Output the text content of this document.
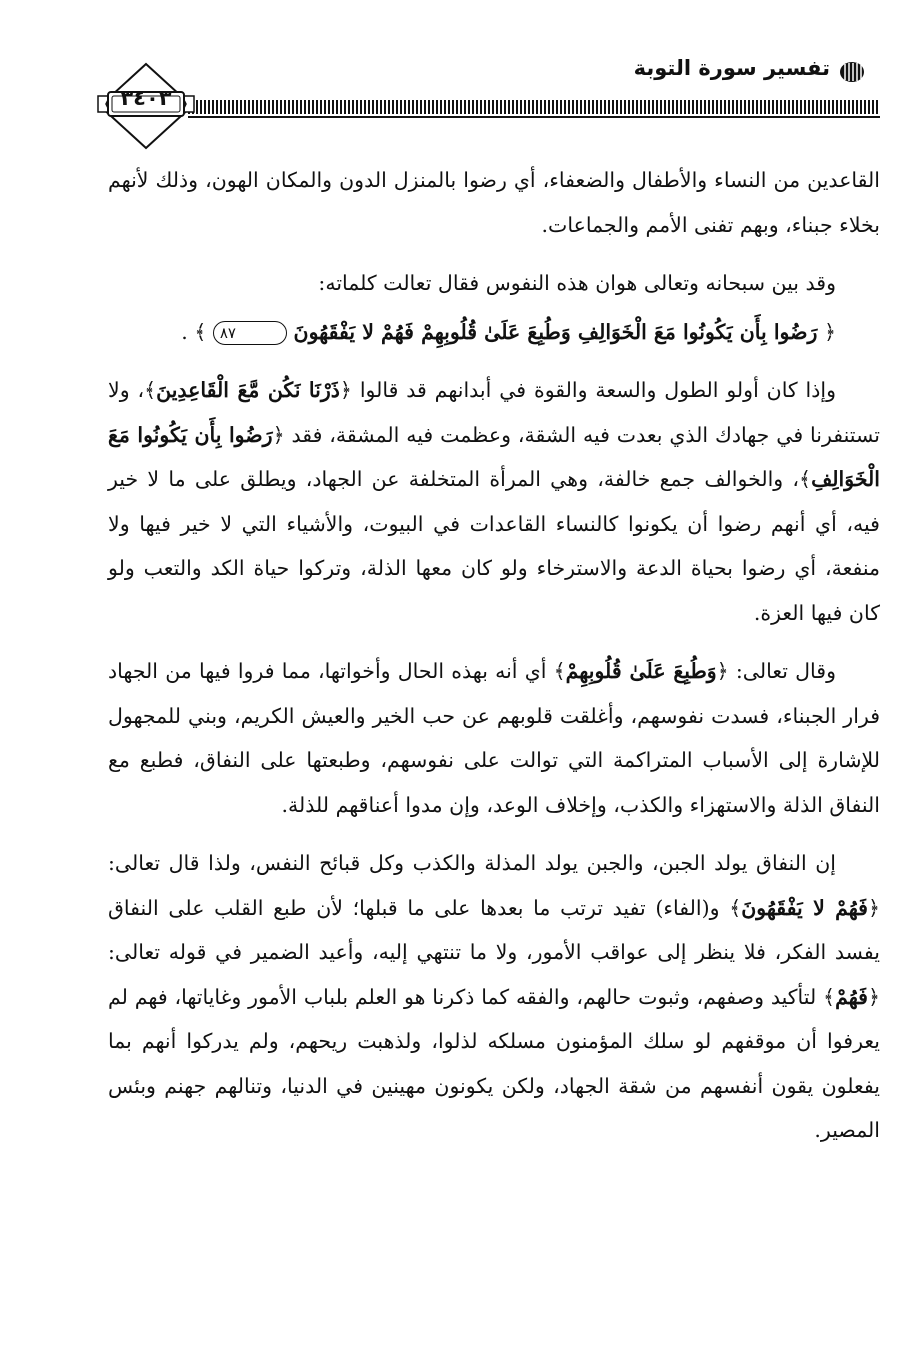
تفسير سورة التوبة
٣٤٠٣

القاعدين من النساء والأطفال والضعفاء، أي رضوا بالمنزل الدون والمكان الهون، وذلك لأنهم بخلاء جبناء، وبهم تفنى الأمم والجماعات.

وقد بين سبحانه وتعالى هوان هذه النفوس فقال تعالت كلماته:

﴿ رَضُوا بِأَن يَكُونُوا مَعَ الْخَوَالِفِ وَطُبِعَ عَلَىٰ قُلُوبِهِمْ فَهُمْ لا يَفْقَهُونَ ٨٧ ﴾ .

وإذا كان أولو الطول والسعة والقوة في أبدانهم قد قالوا ﴿ذَرْنَا نَكُن مَّعَ الْقَاعِدِينَ﴾، ولا تستنفرنا في جهادك الذي بعدت فيه الشقة، وعظمت فيه المشقة، فقد ﴿رَضُوا بِأَن يَكُونُوا مَعَ الْخَوَالِفِ﴾، والخوالف جمع خالفة، وهي المرأة المتخلفة عن الجهاد، ويطلق على ما لا خير فيه، أي أنهم رضوا أن يكونوا كالنساء القاعدات في البيوت، والأشياء التي لا خير فيها ولا منفعة، أي رضوا بحياة الدعة والاسترخاء ولو كان معها الذلة، وتركوا حياة الكد والتعب ولو كان فيها العزة.

وقال تعالى: ﴿وَطُبِعَ عَلَىٰ قُلُوبِهِمْ﴾ أي أنه بهذه الحال وأخواتها، مما فروا فيها من الجهاد فرار الجبناء، فسدت نفوسهم، وأغلقت قلوبهم عن حب الخير والعيش الكريم، وبني للمجهول للإشارة إلى الأسباب المتراكمة التي توالت على نفوسهم، وطبعتها على النفاق، فطبع مع النفاق الذلة والاستهزاء والكذب، وإخلاف الوعد، وإن مدوا أعناقهم للذلة.

إن النفاق يولد الجبن، والجبن يولد المذلة والكذب وكل قبائح النفس، ولذا قال تعالى: ﴿فَهُمْ لا يَفْقَهُونَ﴾ و(الفاء) تفيد ترتب ما بعدها على ما قبلها؛ لأن طبع القلب على النفاق يفسد الفكر، فلا ينظر إلى عواقب الأمور، ولا ما تنتهي إليه، وأعيد الضمير في قوله تعالى: ﴿فَهُمْ﴾ لتأكيد وصفهم، وثبوت حالهم، والفقه كما ذكرنا هو العلم بلباب الأمور وغاياتها، فهم لم يعرفوا أن موقفهم لو سلك المؤمنون مسلكه لذلوا، ولذهبت ريحهم، ولم يدركوا أنهم بما يفعلون يقون أنفسهم من شقة الجهاد، ولكن يكونون مهينين في الدنيا، وتنالهم جهنم وبئس المصير.
